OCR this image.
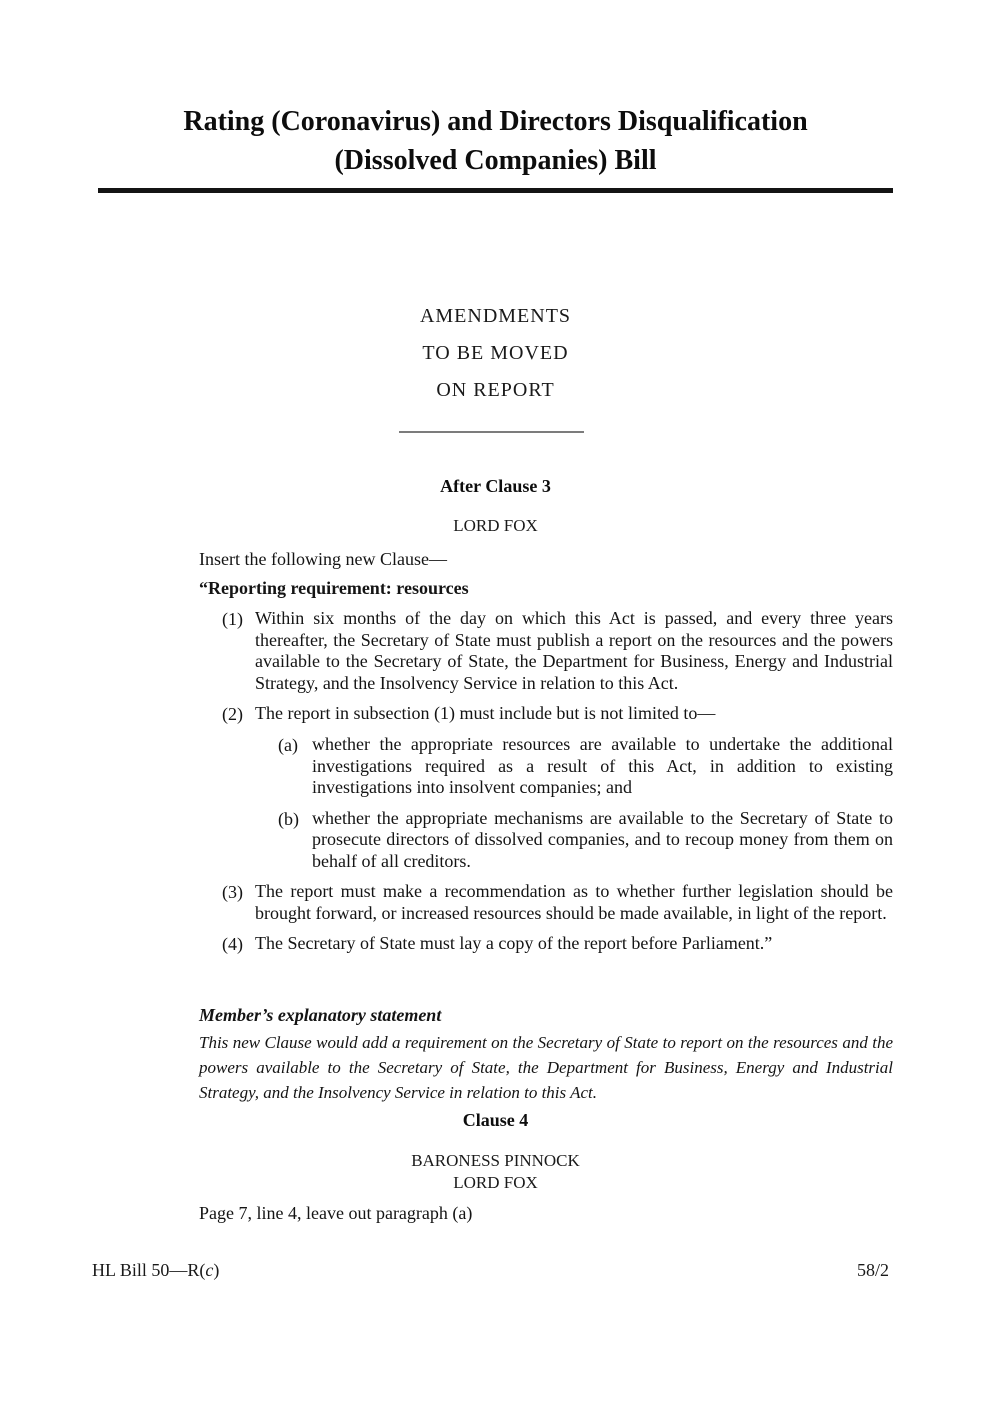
Rating (Coronavirus) and Directors Disqualification
(Dissolved Companies) Bill
AMENDMENTS
TO BE MOVED
ON REPORT
After Clause 3
LORD FOX
Insert the following new Clause—
“Reporting requirement: resources
(1) Within six months of the day on which this Act is passed, and every three years thereafter, the Secretary of State must publish a report on the resources and the powers available to the Secretary of State, the Department for Business, Energy and Industrial Strategy, and the Insolvency Service in relation to this Act.
(2) The report in subsection (1) must include but is not limited to—
(a) whether the appropriate resources are available to undertake the additional investigations required as a result of this Act, in addition to existing investigations into insolvent companies; and
(b) whether the appropriate mechanisms are available to the Secretary of State to prosecute directors of dissolved companies, and to recoup money from them on behalf of all creditors.
(3) The report must make a recommendation as to whether further legislation should be brought forward, or increased resources should be made available, in light of the report.
(4) The Secretary of State must lay a copy of the report before Parliament.”
Member’s explanatory statement
This new Clause would add a requirement on the Secretary of State to report on the resources and the powers available to the Secretary of State, the Department for Business, Energy and Industrial Strategy, and the Insolvency Service in relation to this Act.
Clause 4
BARONESS PINNOCK
LORD FOX
Page 7, line 4, leave out paragraph (a)
HL Bill 50—R(c)	58/2
